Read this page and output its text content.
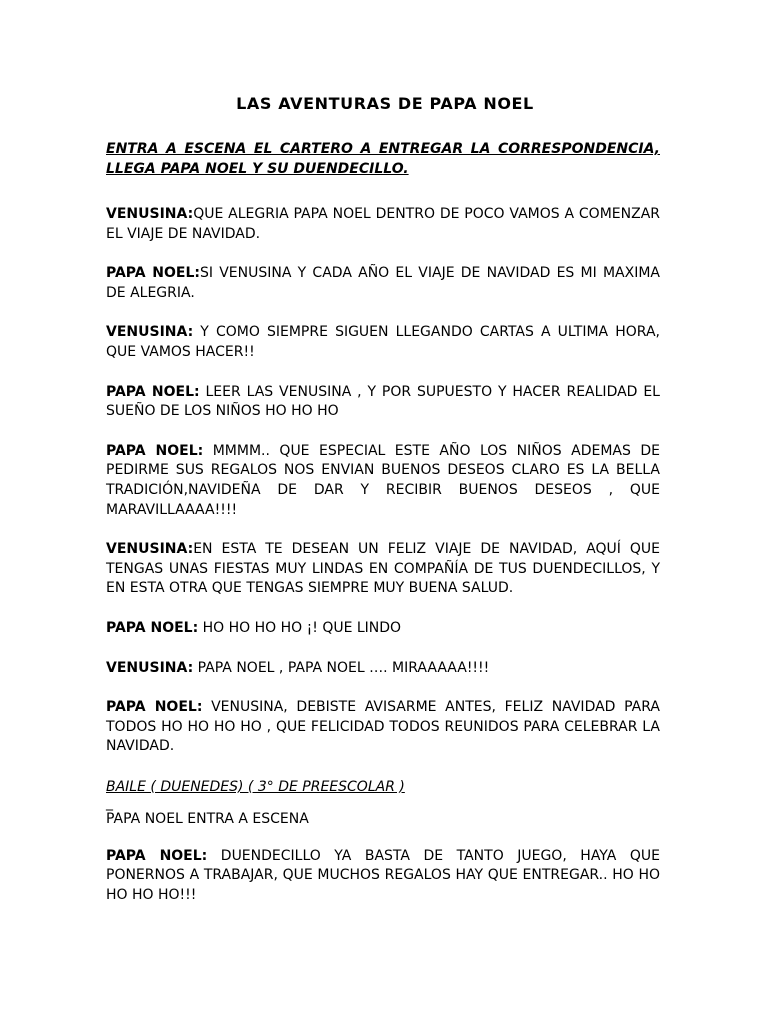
LAS AVENTURAS DE PAPA NOEL
ENTRA A ESCENA EL CARTERO A ENTREGAR LA CORRESPONDENCIA, LLEGA PAPA NOEL Y SU DUENDECILLO.
VENUSINA:QUE ALEGRIA PAPA NOEL DENTRO DE POCO VAMOS A COMENZAR EL VIAJE DE NAVIDAD.
PAPA NOEL:SI VENUSINA Y CADA AÑO EL VIAJE DE NAVIDAD ES MI MAXIMA DE ALEGRIA.
VENUSINA: Y COMO SIEMPRE SIGUEN LLEGANDO CARTAS A ULTIMA HORA, QUE VAMOS HACER!!
PAPA NOEL: LEER LAS VENUSINA , Y POR SUPUESTO Y HACER REALIDAD EL SUEÑO DE LOS NIÑOS HO HO HO
PAPA NOEL: MMMM.. QUE ESPECIAL ESTE AÑO LOS NIÑOS ADEMAS DE PEDIRME SUS REGALOS NOS ENVIAN BUENOS DESEOS CLARO ES LA BELLA TRADICIÓN,NAVIDEÑA DE DAR Y RECIBIR BUENOS DESEOS , QUE MARAVILLAAAA!!!!
VENUSINA:EN ESTA TE DESEAN UN FELIZ VIAJE DE NAVIDAD, AQUÍ QUE TENGAS UNAS FIESTAS MUY LINDAS EN COMPAÑÍA DE TUS DUENDECILLOS, Y EN ESTA OTRA QUE TENGAS SIEMPRE MUY BUENA SALUD.
PAPA NOEL: HO HO HO HO ¡! QUE LINDO
VENUSINA: PAPA NOEL , PAPA NOEL …. MIRAAAAA!!!!
PAPA NOEL: VENUSINA, DEBISTE AVISARME ANTES, FELIZ NAVIDAD PARA TODOS HO HO HO HO , QUE FELICIDAD TODOS REUNIDOS PARA CELEBRAR LA NAVIDAD.
BAILE ( DUENEDES) ( 3° DE PREESCOLAR )
_
PAPA NOEL ENTRA A ESCENA
PAPA NOEL: DUENDECILLO YA BASTA DE TANTO JUEGO, HAYA QUE PONERNOS A TRABAJAR, QUE MUCHOS REGALOS HAY QUE ENTREGAR.. HO HO HO HO HO!!!
